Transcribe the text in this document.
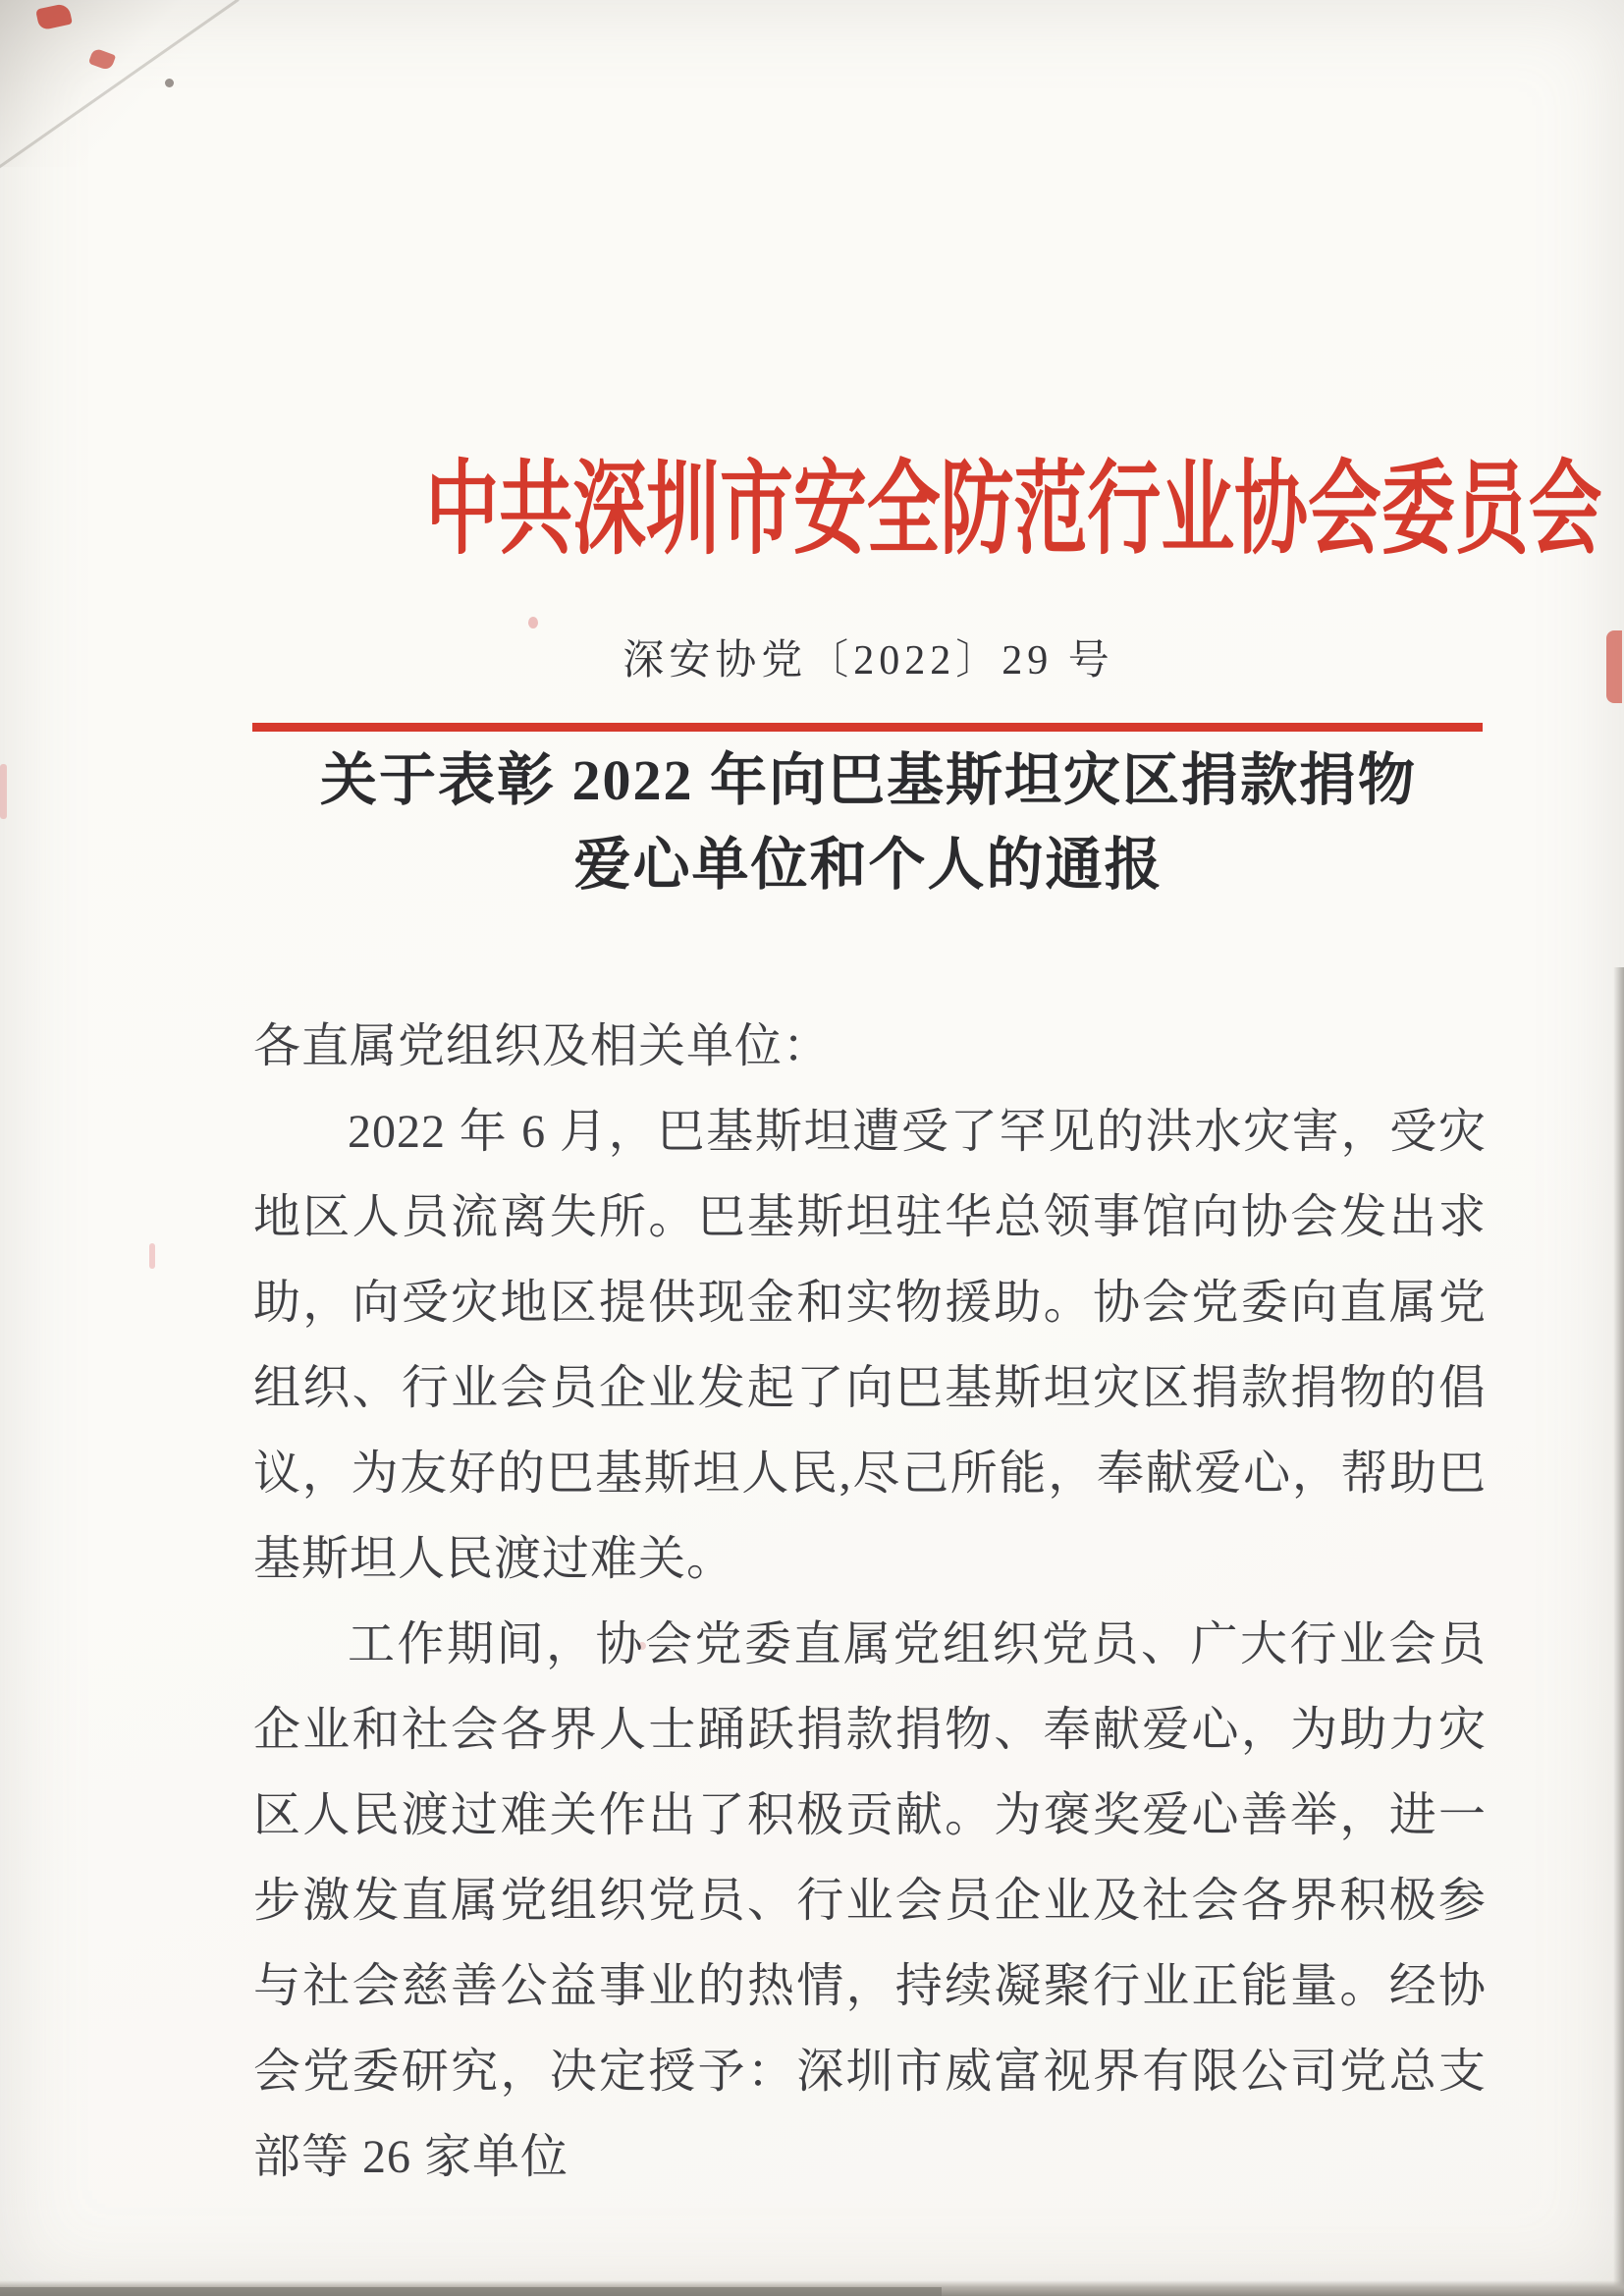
中共深圳市安全防范行业协会委员会
深安协党〔2022〕29 号
关于表彰 2022 年向巴基斯坦灾区捐款捐物
爱心单位和个人的通报

各直属党组织及相关单位：

2022 年 6 月，巴基斯坦遭受了罕见的洪水灾害，受灾地区人员流离失所。巴基斯坦驻华总领事馆向协会发出求助，向受灾地区提供现金和实物援助。协会党委向直属党组织、行业会员企业发起了向巴基斯坦灾区捐款捐物的倡议，为友好的巴基斯坦人民,尽己所能，奉献爱心，帮助巴基斯坦人民渡过难关。

工作期间，协会党委直属党组织党员、广大行业会员企业和社会各界人士踊跃捐款捐物、奉献爱心，为助力灾区人民渡过难关作出了积极贡献。为褒奖爱心善举，进一步激发直属党组织党员、行业会员企业及社会各界积极参与社会慈善公益事业的热情，持续凝聚行业正能量。经协会党委研究，决定授予：深圳市威富视界有限公司党总支部等 26 家单位
